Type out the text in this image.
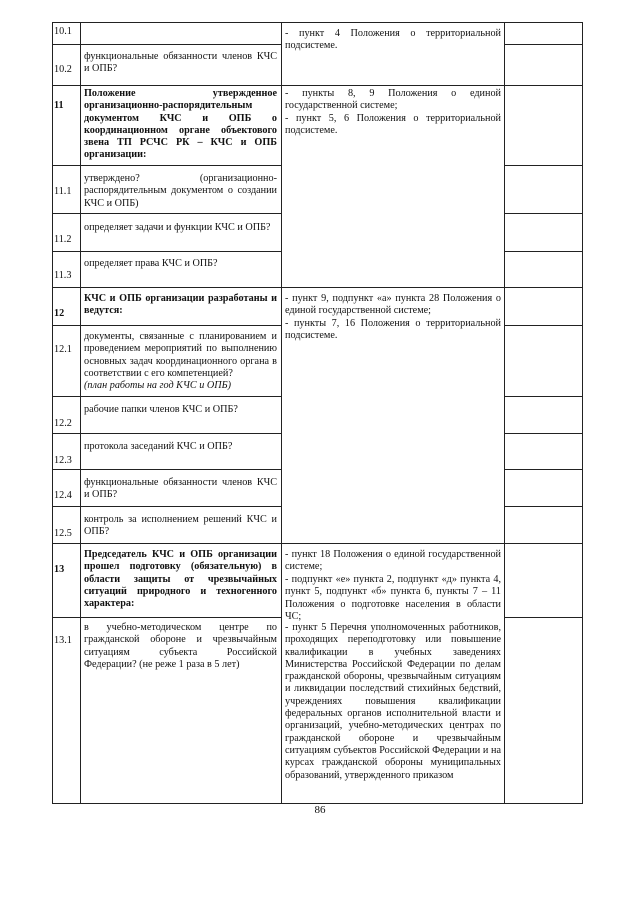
10.1
10.2
функциональные обязанности членов КЧС и ОПБ?
- пункт 4 Положения о территориальной подсистеме.
11
Положение утвержденное организационно-распорядительным документом КЧС и ОПБ о координационном органе объектового звена ТП РСЧС РК – КЧС и ОПБ организации:
- пункты 8, 9 Положения о единой государственной системе;
- пункт 5, 6 Положения о территориальной подсистеме.
11.1
утверждено? (организационно-распорядительным документом о создании КЧС и ОПБ)
11.2
определяет задачи и функции КЧС и ОПБ?
11.3
определяет права КЧС и ОПБ?
12
КЧС и ОПБ организации разработаны и ведутся:
- пункт 9, подпункт «а» пункта 28 Положения о единой государственной системе;
- пункты 7, 16 Положения о территориальной подсистеме.
12.1
документы, связанные с планированием и проведением мероприятий по выполнению основных задач координационного органа в соответствии с его компетенцией?
(план работы на год КЧС и ОПБ)
12.2
рабочие папки членов КЧС и ОПБ?
12.3
протокола заседаний КЧС и ОПБ?
12.4
функциональные обязанности членов КЧС и ОПБ?
12.5
контроль за исполнением решений КЧС и ОПБ?
13
Председатель КЧС и ОПБ организации прошел подготовку (обязательную) в области защиты от чрезвычайных ситуаций природного и техногенного характера:
- пункт 18 Положения о единой государственной системе;
- подпункт «е» пункта 2, подпункт «д» пункта 4, пункт 5, подпункт «б» пункта 6, пункты 7 – 11 Положения о подготовке населения в области ЧС;
13.1
в учебно-методическом центре по гражданской обороне и чрезвычайным ситуациям субъекта Российской Федерации? (не реже 1 раза в 5 лет)
- пункт 5 Перечня уполномоченных работников, проходящих переподготовку или повышение квалификации в учебных заведениях Министерства Российской Федерации по делам гражданской обороны, чрезвычайным ситуациям и ликвидации последствий стихийных бедствий, учреждениях повышения квалификации федеральных органов исполнительной власти и организаций, учебно-методических центрах по гражданской обороне и чрезвычайным ситуациям субъектов Российской Федерации и на курсах гражданской обороны муниципальных образований, утвержденного приказом
86
